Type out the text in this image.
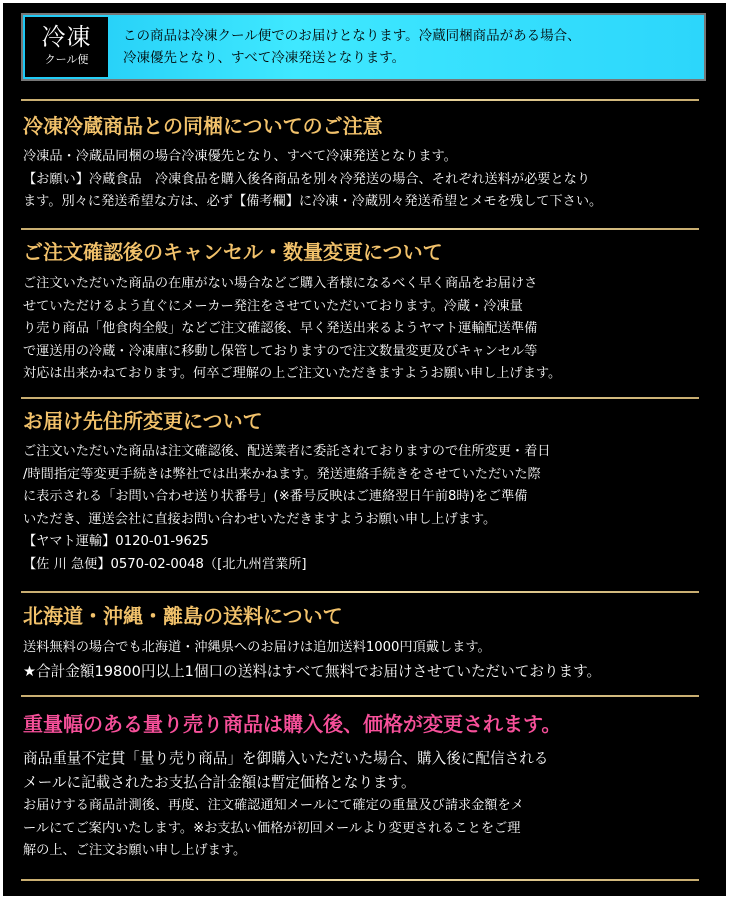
冷凍
クール便
この商品は冷凍クール便でのお届けとなります。冷蔵同梱商品がある場合、
冷凍優先となり、すべて冷凍発送となります。
冷凍冷蔵商品との同梱についてのご注意
冷凍品・冷蔵品同梱の場合冷凍優先となり、すべて冷凍発送となります。
【お願い】冷蔵食品　冷凍食品を購入後各商品を別々冷発送の場合、それぞれ送料が必要となり
ます。別々に発送希望な方は、必ず【備考欄】に冷凍・冷蔵別々発送希望とメモを残して下さい。
ご注文確認後のキャンセル・数量変更について
ご注文いただいた商品の在庫がない場合などご購入者様になるべく早く商品をお届けさ
せていただけるよう直ぐにメーカー発注をさせていただいております。冷蔵・冷凍量
り売り商品「他食肉全般」などご注文確認後、早く発送出来るようヤマト運輸配送準備
で運送用の冷蔵・冷凍庫に移動し保管しておりますので注文数量変更及びキャンセル等
対応は出来かねております。何卒ご理解の上ご注文いただきますようお願い申し上げます。
お届け先住所変更について
ご注文いただいた商品は注文確認後、配送業者に委託されておりますので住所変更・着日
/時間指定等変更手続きは弊社では出来かねます。発送連絡手続きをさせていただいた際
に表示される「お問い合わせ送り状番号」(※番号反映はご連絡翌日午前8時)をご準備
いただき、運送会社に直接お問い合わせいただきますようお願い申し上げます。
【ヤマト運輸】0120-01-9625
【佐 川 急便】0570-02-0048（[北九州営業所]
北海道・沖縄・離島の送料について
送料無料の場合でも北海道・沖縄県へのお届けは追加送料1000円頂戴します。
★合計金額19800円以上1個口の送料はすべて無料でお届けさせていただいております。
重量幅のある量り売り商品は購入後、価格が変更されます。
商品重量不定貫「量り売り商品」を御購入いただいた場合、購入後に配信される
メールに記載されたお支払合計金額は暫定価格となります。
お届けする商品計測後、再度、注文確認通知メールにて確定の重量及び請求金額をメ
ールにてご案内いたします。※お支払い価格が初回メールより変更されることをご理
解の上、ご注文お願い申し上げます。
